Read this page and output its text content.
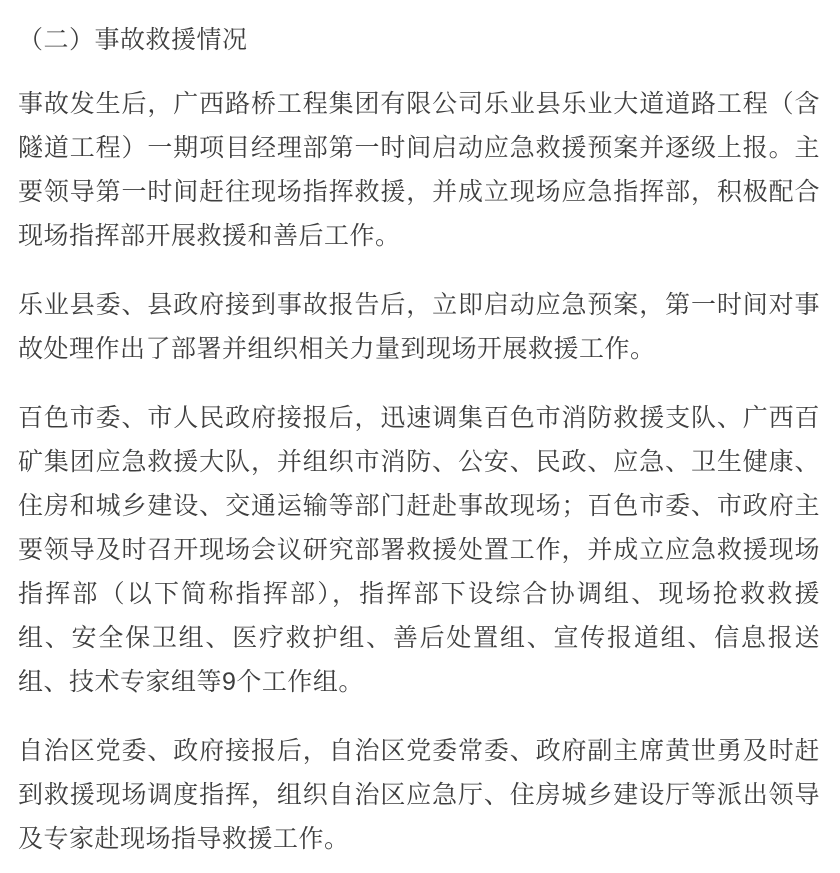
（二）事故救援情况

事故发生后，广西路桥工程集团有限公司乐业县乐业大道道路工程（含隧道工程）一期项目经理部第一时间启动应急救援预案并逐级上报。主要领导第一时间赶往现场指挥救援，并成立现场应急指挥部，积极配合现场指挥部开展救援和善后工作。

乐业县委、县政府接到事故报告后，立即启动应急预案，第一时间对事故处理作出了部署并组织相关力量到现场开展救援工作。

百色市委、市人民政府接报后，迅速调集百色市消防救援支队、广西百矿集团应急救援大队，并组织市消防、公安、民政、应急、卫生健康、住房和城乡建设、交通运输等部门赶赴事故现场；百色市委、市政府主要领导及时召开现场会议研究部署救援处置工作，并成立应急救援现场指挥部（以下简称指挥部），指挥部下设综合协调组、现场抢救救援组、安全保卫组、医疗救护组、善后处置组、宣传报道组、信息报送组、技术专家组等9个工作组。

自治区党委、政府接报后，自治区党委常委、政府副主席黄世勇及时赶到救援现场调度指挥，组织自治区应急厅、住房城乡建设厅等派出领导及专家赴现场指导救援工作。
